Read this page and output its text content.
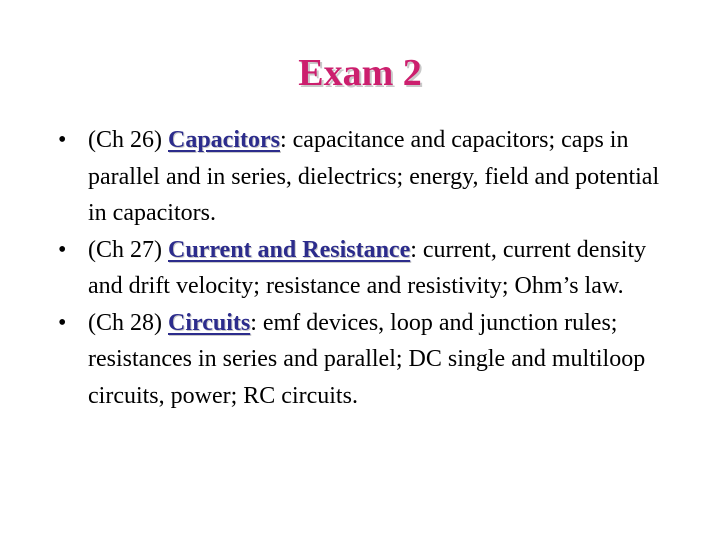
Exam 2
• (Ch 26) Capacitors: capacitance and capacitors; caps in parallel and in series, dielectrics; energy, field and potential in capacitors.
• (Ch 27) Current and Resistance: current, current density and drift velocity; resistance and resistivity; Ohm’s law.
• (Ch 28) Circuits: emf devices, loop and junction rules; resistances in series and parallel; DC single and multiloop circuits, power; RC circuits.
